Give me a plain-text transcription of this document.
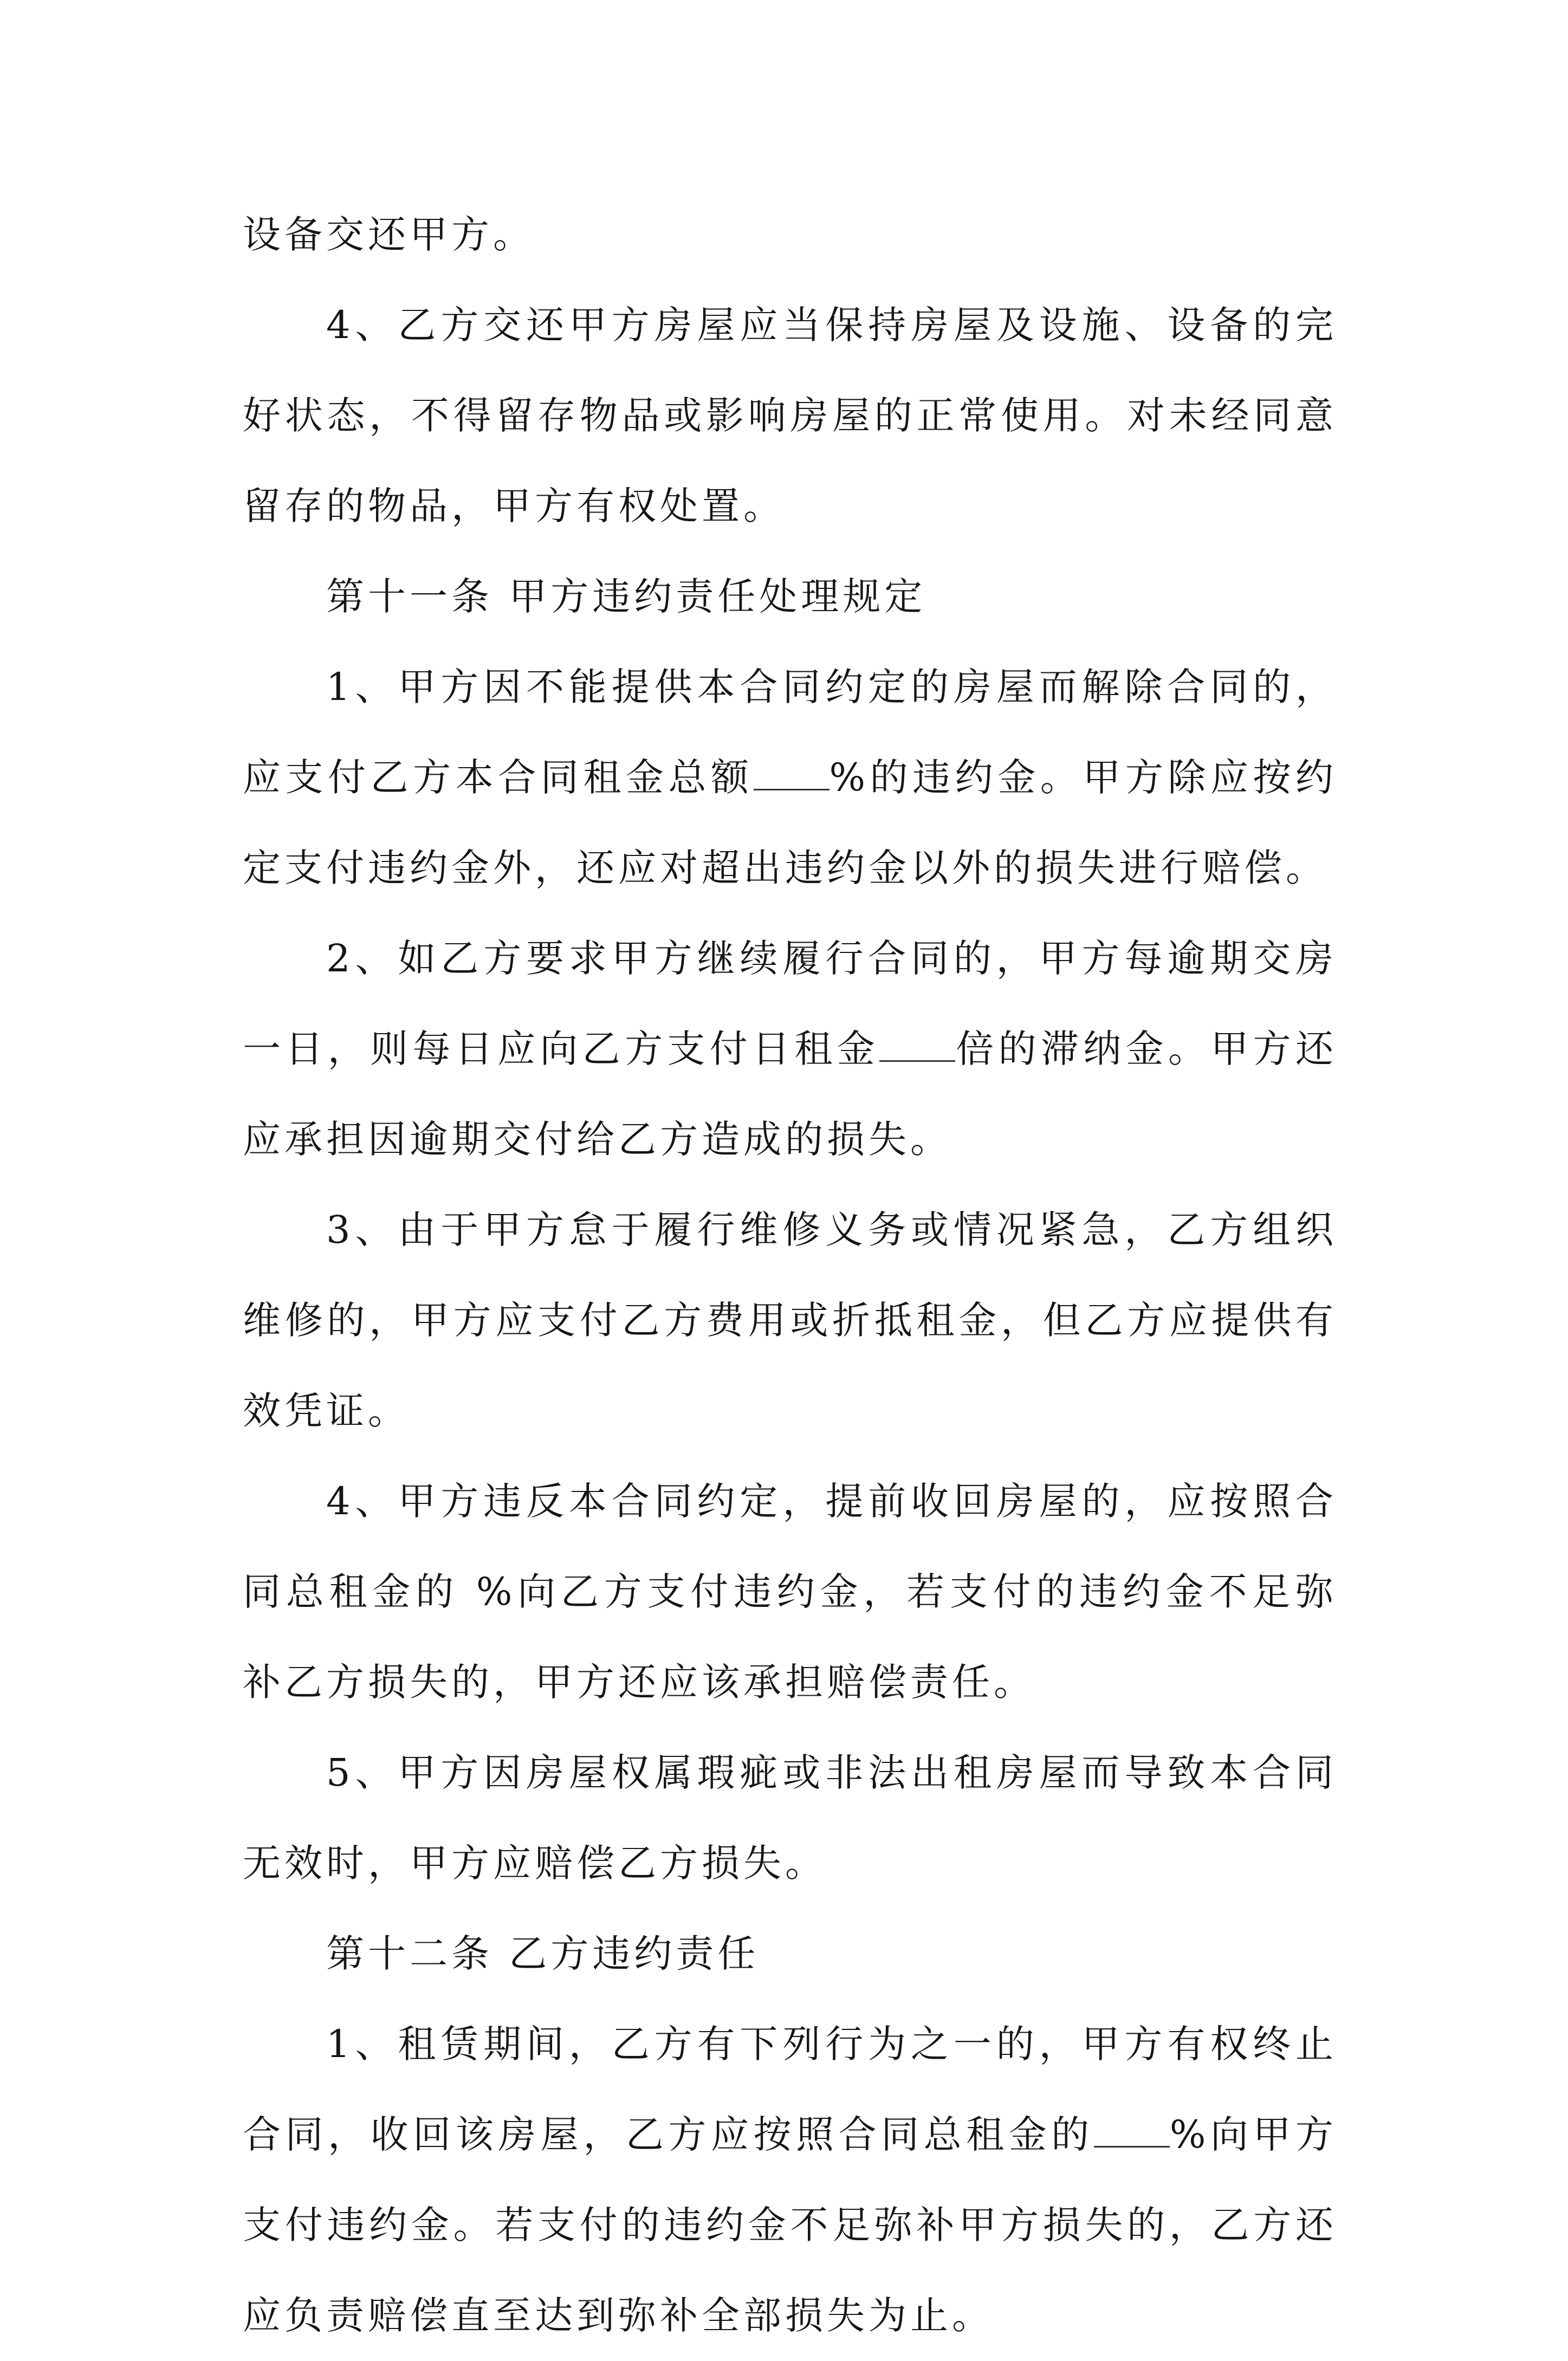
设备交还甲方。

4、乙方交还甲方房屋应当保持房屋及设施、设备的完好状态，不得留存物品或影响房屋的正常使用。对未经同意留存的物品，甲方有权处置。

第十一条 甲方违约责任处理规定

1、甲方因不能提供本合同约定的房屋而解除合同的，应支付乙方本合同租金总额 %的违约金。甲方除应按约定支付违约金外，还应对超出违约金以外的损失进行赔偿。

2、如乙方要求甲方继续履行合同的，甲方每逾期交房一日，则每日应向乙方支付日租金 倍的滞纳金。甲方还应承担因逾期交付给乙方造成的损失。

3、由于甲方怠于履行维修义务或情况紧急，乙方组织维修的，甲方应支付乙方费用或折抵租金，但乙方应提供有效凭证。

4、甲方违反本合同约定，提前收回房屋的，应按照合同总租金的 %向乙方支付违约金，若支付的违约金不足弥补乙方损失的，甲方还应该承担赔偿责任。

5、甲方因房屋权属瑕疵或非法出租房屋而导致本合同无效时，甲方应赔偿乙方损失。

第十二条 乙方违约责任

1、租赁期间，乙方有下列行为之一的，甲方有权终止合同，收回该房屋，乙方应按照合同总租金的 %向甲方支付违约金。若支付的违约金不足弥补甲方损失的，乙方还应负责赔偿直至达到弥补全部损失为止。
